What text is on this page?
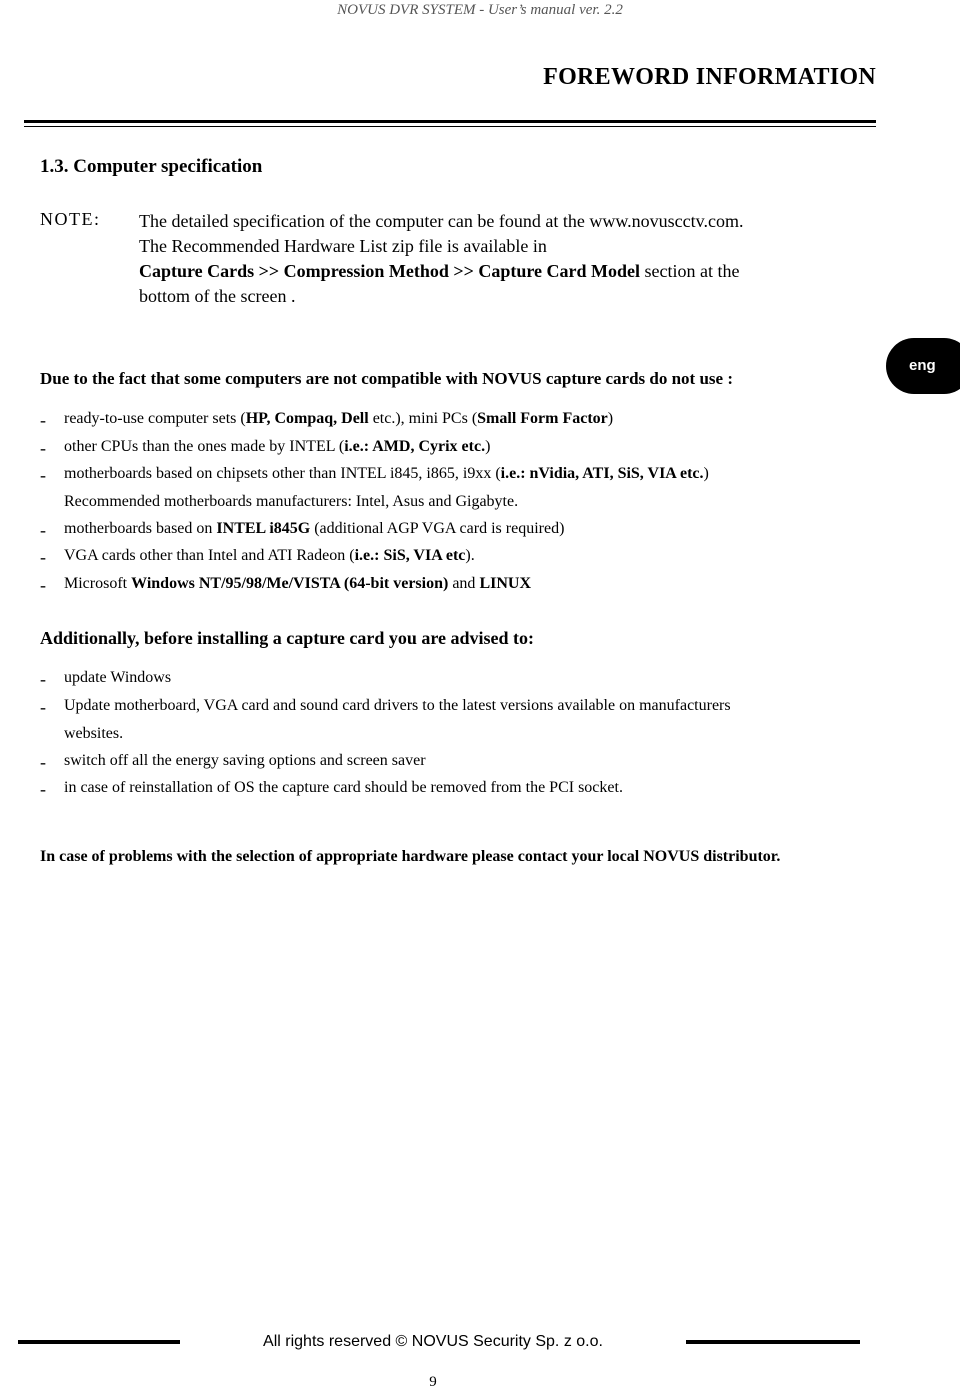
NOVUS DVR SYSTEM - User’s manual ver. 2.2
FOREWORD INFORMATION
eng
1.3. Computer specification
NOTE: The detailed specification of the computer can be found at the www.novuscctv.com.
The Recommended Hardware List zip file is available in
Capture Cards >> Compression Method >> Capture Card Model section at the
bottom of the screen .
Due to the fact that some computers are not compatible with NOVUS capture cards do not use :
- ready-to-use computer sets (HP, Compaq, Dell etc.), mini PCs (Small Form Factor)
- other CPUs than the ones made by INTEL (i.e.: AMD, Cyrix etc.)
- motherboards based on chipsets other than INTEL i845, i865, i9xx (i.e.: nVidia, ATI, SiS, VIA etc.)
Recommended motherboards manufacturers: Intel, Asus and Gigabyte.
- motherboards based on INTEL i845G (additional AGP VGA card is required)
- VGA cards other than Intel and ATI Radeon (i.e.: SiS, VIA etc).
- Microsoft Windows NT/95/98/Me/VISTA (64-bit version) and LINUX
Additionally, before installing a capture card you are advised to:
- update Windows
- Update motherboard, VGA card and sound card drivers to the latest versions available on manufacturers
websites.
- switch off all the energy saving options and screen saver
- in case of reinstallation of OS the capture card should be removed from the PCI socket.
In case of problems with the selection of appropriate hardware please contact your local NOVUS distributor.
All rights reserved © NOVUS Security Sp. z o.o.
9
